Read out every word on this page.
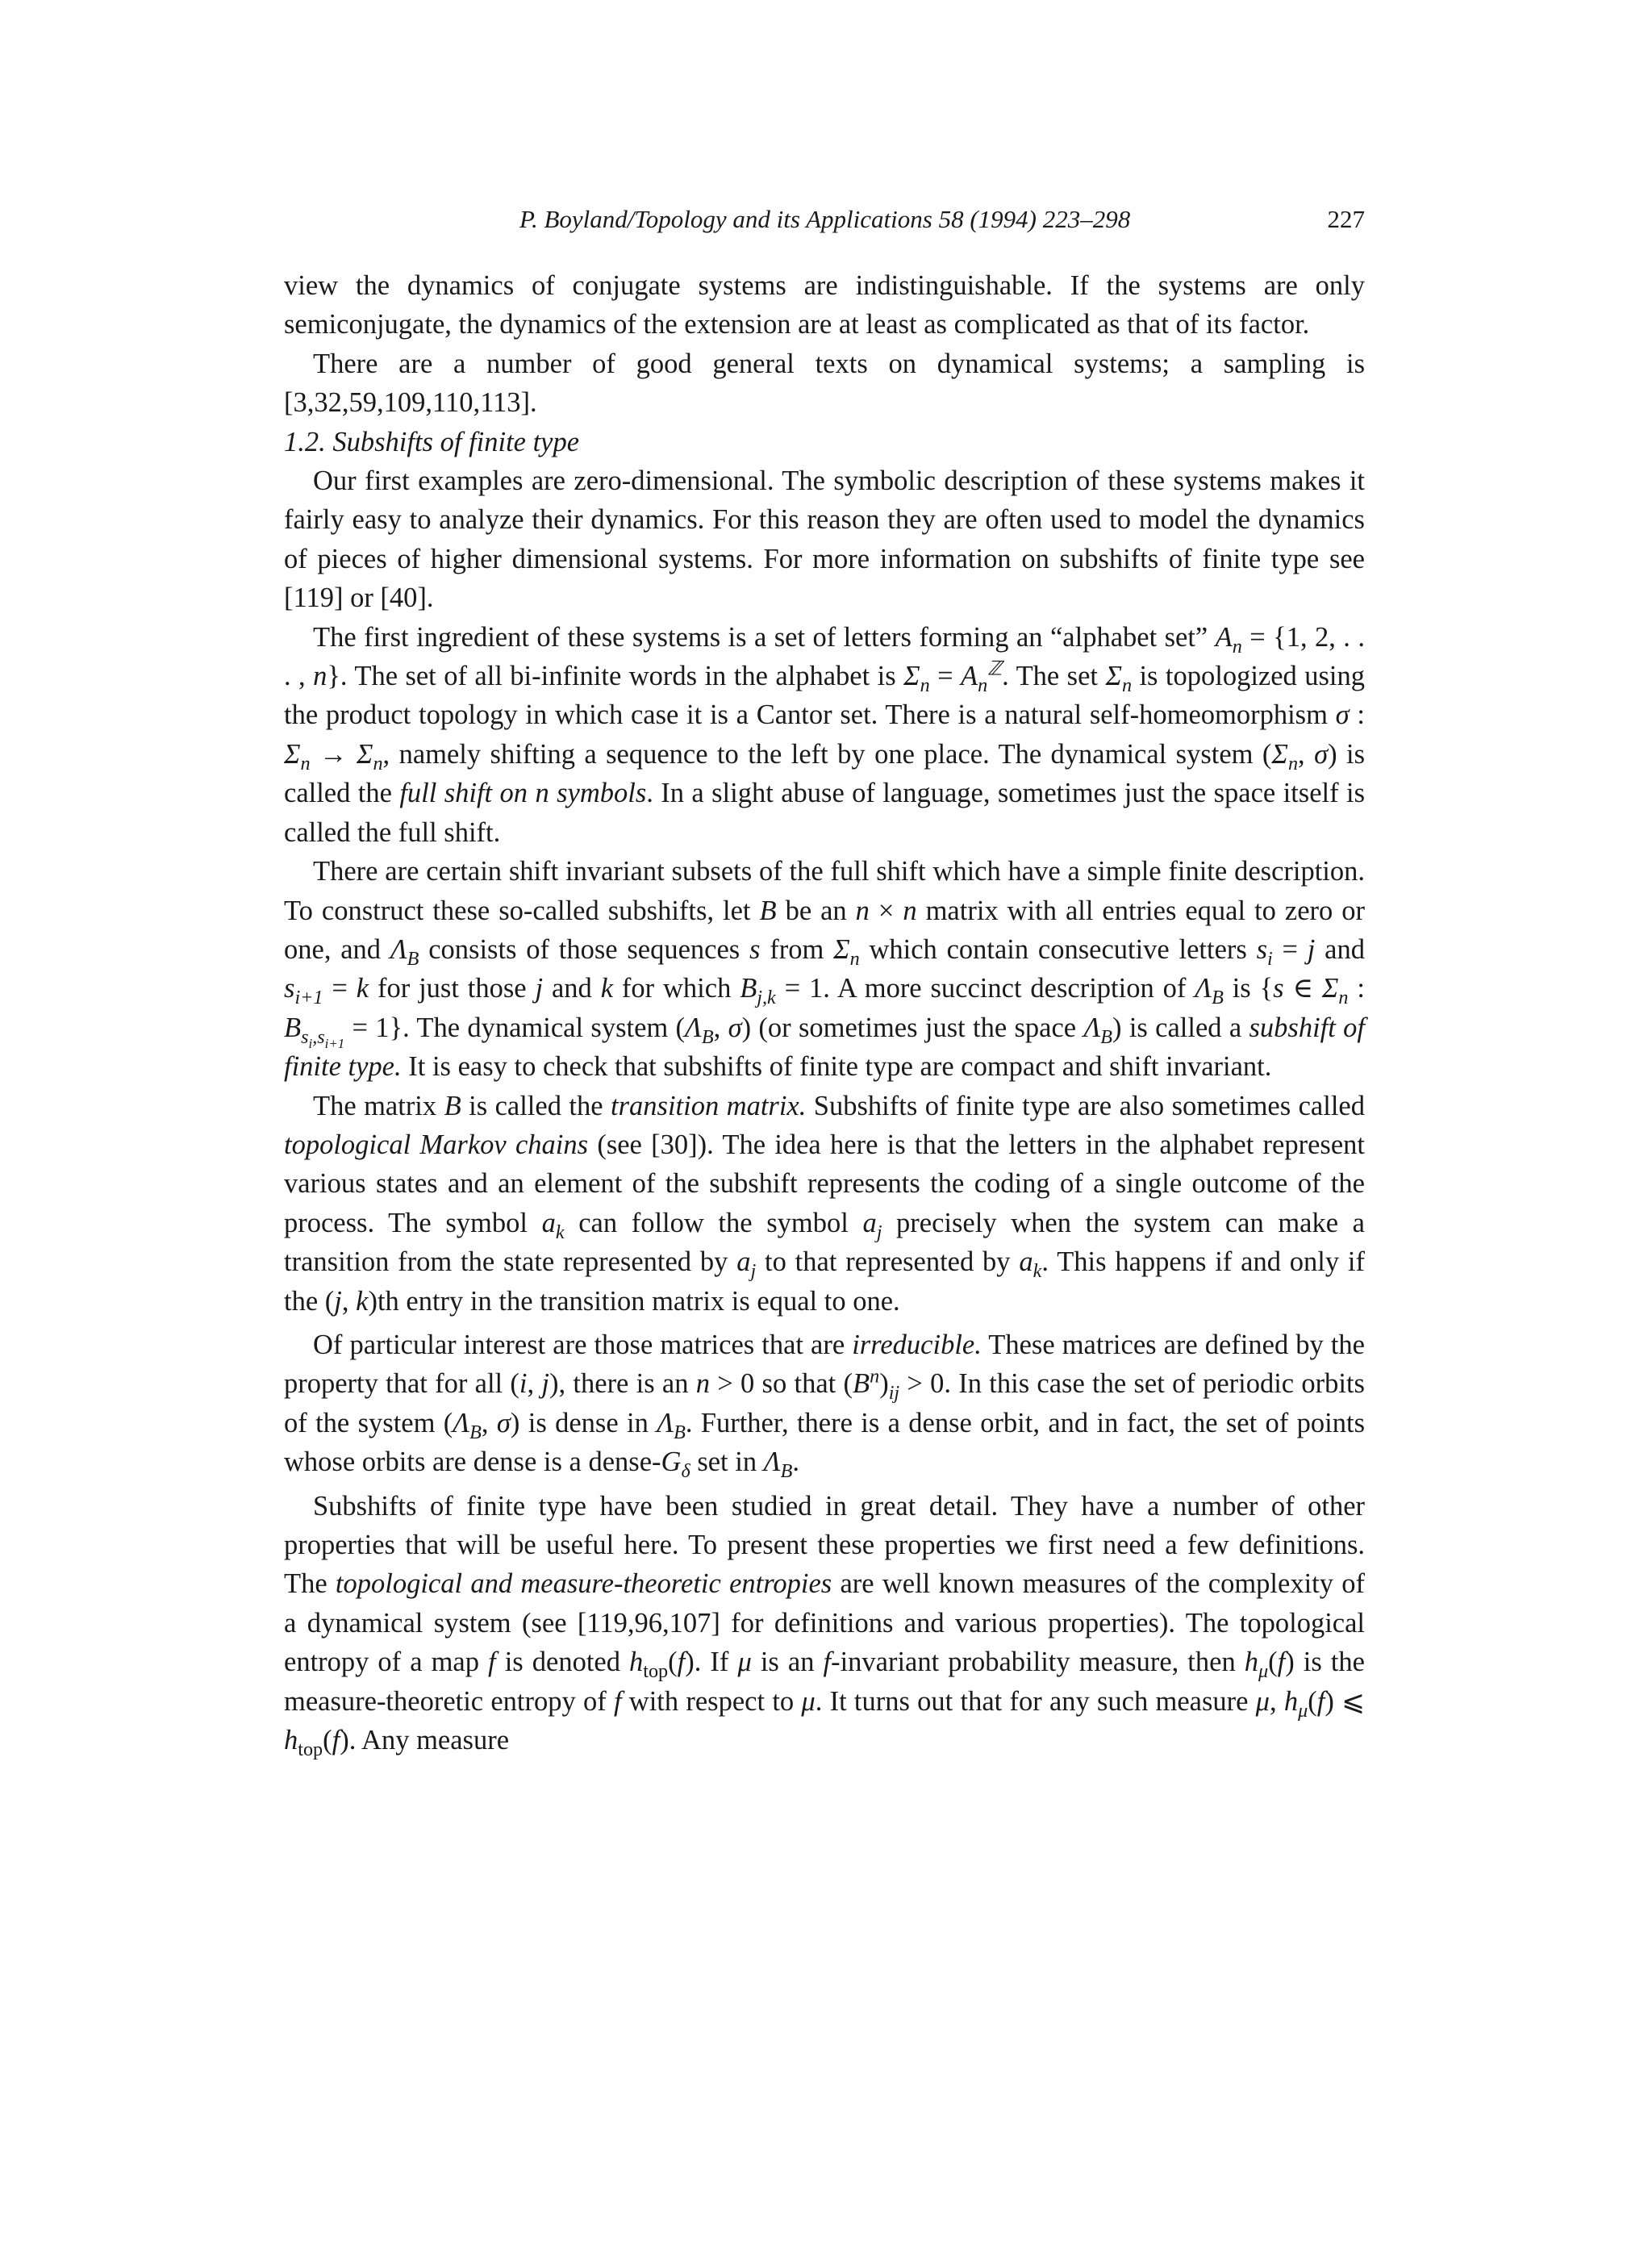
P. Boyland/Topology and its Applications 58 (1994) 223–298	227

view the dynamics of conjugate systems are indistinguishable. If the systems are only semiconjugate, the dynamics of the extension are at least as complicated as that of its factor.

There are a number of good general texts on dynamical systems; a sampling is [3,32,59,109,110,113].

1.2. Subshifts of finite type

Our first examples are zero-dimensional. The symbolic description of these systems makes it fairly easy to analyze their dynamics. For this reason they are often used to model the dynamics of pieces of higher dimensional systems. For more information on subshifts of finite type see [119] or [40].

The first ingredient of these systems is a set of letters forming an “alphabet set” $A_n = \{1$, 2, . . . , n}. The set of all bi-infinite words in the alphabet is $\Sigma_n = A_n^ℤ$. The set $\Sigma_n$ is topologized using the product topology in which case it is a Cantor set. There is a natural self-homeomorphism σ : $\Sigma_n \to \Sigma_n$, namely shifting a sequence to the left by one place. The dynamical system ($\Sigma_n$, σ) is called the full shift on n symbols. In a slight abuse of language, sometimes just the space itself is called the full shift.

There are certain shift invariant subsets of the full shift which have a simple finite description. To construct these so-called subshifts, let B be an n × n matrix with all entries equal to zero or one, and $\Lambda_B$ consists of those sequences s from $\Sigma_n$ which contain consecutive letters $s_i = j$ and $s_{i+1} = k$ for just those j and k for which $B_{j,k} = 1$. A more succinct description of $\Lambda_B$ is {s ∈ $\Sigma_n$ : $B_{s_i,s_{i+1}} = 1$}. The dynamical system ($\Lambda_B$, σ) (or sometimes just the space $\Lambda_B$) is called a subshift of finite type. It is easy to check that subshifts of finite type are compact and shift invariant.

The matrix B is called the transition matrix. Subshifts of finite type are also sometimes called topological Markov chains (see [30]). The idea here is that the letters in the alphabet represent various states and an element of the subshift represents the coding of a single outcome of the process. The symbol $a_k$ can follow the symbol $a_j$ precisely when the system can make a transition from the state represented by $a_j$ to that represented by $a_k$. This happens if and only if the (j, k)th entry in the transition matrix is equal to one.

Of particular interest are those matrices that are irreducible. These matrices are defined by the property that for all (i, j), there is an n > 0 so that $(B^n)_{ij} > 0$. In this case the set of periodic orbits of the system ($\Lambda_B$, σ) is dense in $\Lambda_B$. Further, there is a dense orbit, and in fact, the set of points whose orbits are dense is a dense-$G_\delta$ set in $\Lambda_B$.

Subshifts of finite type have been studied in great detail. They have a number of other properties that will be useful here. To present these properties we first need a few definitions. The topological and measure-theoretic entropies are well known measures of the complexity of a dynamical system (see [119,96,107] for definitions and various properties). The topological entropy of a map f is denoted $h_{top}(f)$. If μ is an f-invariant probability measure, then $h_\mu(f)$ is the measure-theoretic entropy of f with respect to μ. It turns out that for any such measure μ, $h_\mu(f)$ ⩽ $h_{top}(f)$. Any measure
